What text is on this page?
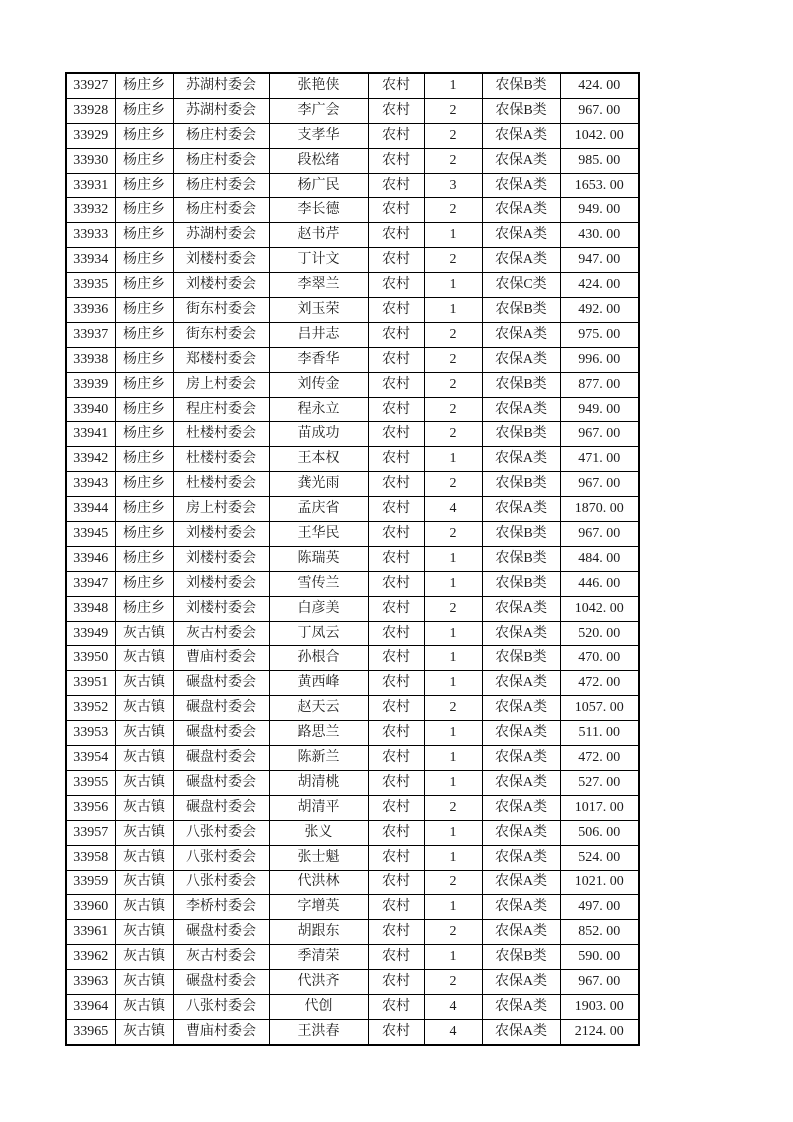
33927	杨庄乡	苏湖村委会	张艳侠	农村	1	农保B类	424. 00
33928	杨庄乡	苏湖村委会	李广会	农村	2	农保B类	967. 00
33929	杨庄乡	杨庄村委会	支孝华	农村	2	农保A类	1042. 00
33930	杨庄乡	杨庄村委会	段松绪	农村	2	农保A类	985. 00
33931	杨庄乡	杨庄村委会	杨广民	农村	3	农保A类	1653. 00
33932	杨庄乡	杨庄村委会	李长德	农村	2	农保A类	949. 00
33933	杨庄乡	苏湖村委会	赵书芹	农村	1	农保A类	430. 00
33934	杨庄乡	刘楼村委会	丁计文	农村	2	农保A类	947. 00
33935	杨庄乡	刘楼村委会	李翠兰	农村	1	农保C类	424. 00
33936	杨庄乡	街东村委会	刘玉荣	农村	1	农保B类	492. 00
33937	杨庄乡	街东村委会	吕井志	农村	2	农保A类	975. 00
33938	杨庄乡	郑楼村委会	李香华	农村	2	农保A类	996. 00
33939	杨庄乡	房上村委会	刘传金	农村	2	农保B类	877. 00
33940	杨庄乡	程庄村委会	程永立	农村	2	农保A类	949. 00
33941	杨庄乡	杜楼村委会	苗成功	农村	2	农保B类	967. 00
33942	杨庄乡	杜楼村委会	王本权	农村	1	农保A类	471. 00
33943	杨庄乡	杜楼村委会	龚光雨	农村	2	农保B类	967. 00
33944	杨庄乡	房上村委会	孟庆省	农村	4	农保A类	1870. 00
33945	杨庄乡	刘楼村委会	王华民	农村	2	农保B类	967. 00
33946	杨庄乡	刘楼村委会	陈瑞英	农村	1	农保B类	484. 00
33947	杨庄乡	刘楼村委会	雪传兰	农村	1	农保B类	446. 00
33948	杨庄乡	刘楼村委会	白彦美	农村	2	农保A类	1042. 00
33949	灰古镇	灰古村委会	丁凤云	农村	1	农保A类	520. 00
33950	灰古镇	曹庙村委会	孙根合	农村	1	农保B类	470. 00
33951	灰古镇	碾盘村委会	黄西峰	农村	1	农保A类	472. 00
33952	灰古镇	碾盘村委会	赵天云	农村	2	农保A类	1057. 00
33953	灰古镇	碾盘村委会	路思兰	农村	1	农保A类	511. 00
33954	灰古镇	碾盘村委会	陈新兰	农村	1	农保A类	472. 00
33955	灰古镇	碾盘村委会	胡清桃	农村	1	农保A类	527. 00
33956	灰古镇	碾盘村委会	胡清平	农村	2	农保A类	1017. 00
33957	灰古镇	八张村委会	张义	农村	1	农保A类	506. 00
33958	灰古镇	八张村委会	张士魁	农村	1	农保A类	524. 00
33959	灰古镇	八张村委会	代洪林	农村	2	农保A类	1021. 00
33960	灰古镇	李桥村委会	字增英	农村	1	农保A类	497. 00
33961	灰古镇	碾盘村委会	胡跟东	农村	2	农保A类	852. 00
33962	灰古镇	灰古村委会	季清荣	农村	1	农保B类	590. 00
33963	灰古镇	碾盘村委会	代洪齐	农村	2	农保A类	967. 00
33964	灰古镇	八张村委会	代创	农村	4	农保A类	1903. 00
33965	灰古镇	曹庙村委会	王洪春	农村	4	农保A类	2124. 00
